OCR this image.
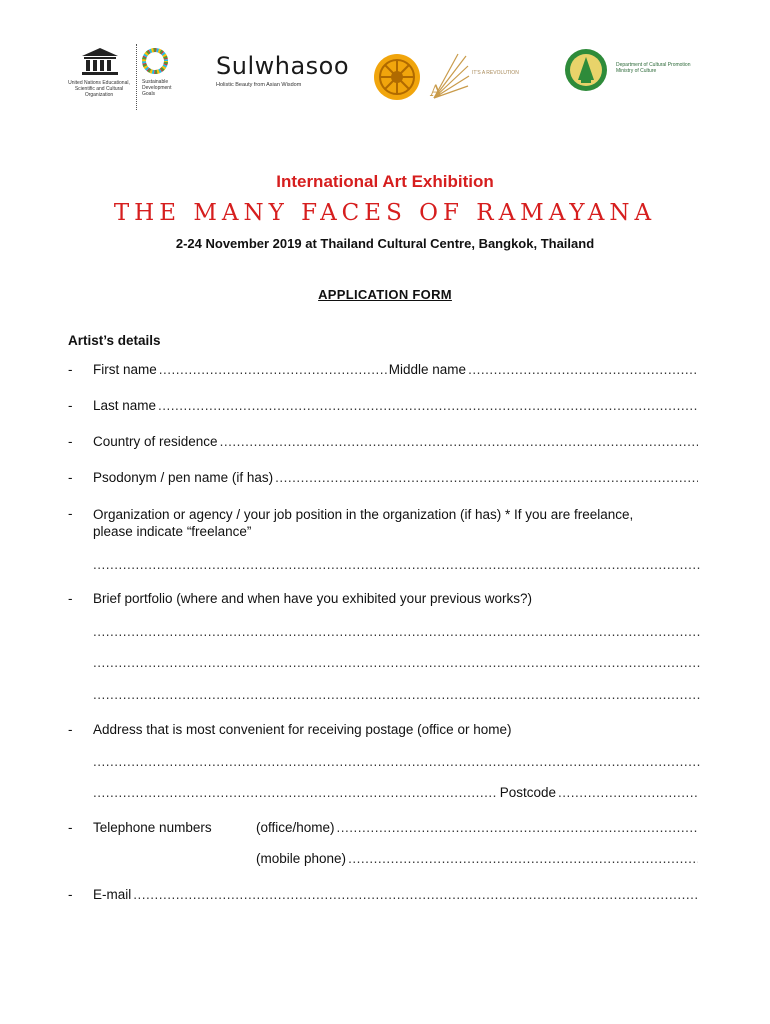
United Nations Educational, Scientific and Cultural Organization
Sustainable Development Goals
Sulwhasoo
Holistic Beauty from Asian Wisdom	A
IT'S A REVOLUTION
Department of Cultural Promotion Ministry of Culture
International Art Exhibition
THE MANY FACES OF RAMAYANA
2-24 November 2019 at Thailand Cultural Centre, Bangkok, Thailand
APPLICATION FORM
Artist’s details
-	First name
.....	Middle name
.....
-	Last name
.....
-	Country of residence
.....
-	Psodonym / pen name (if has)
.....
-	Organization or agency / your job position in the organization (if has) * If you are freelance, please indicate “freelance”
.....
-	Brief portfolio (where and when have you exhibited your previous works?)
.....
.....
.....
-	Address that is most convenient for receiving postage (office or home)
.....
.....
Postcode
.....
-	Telephone numbers	(office/home)
.....
(mobile phone)
.....
-	E-mail
.....
